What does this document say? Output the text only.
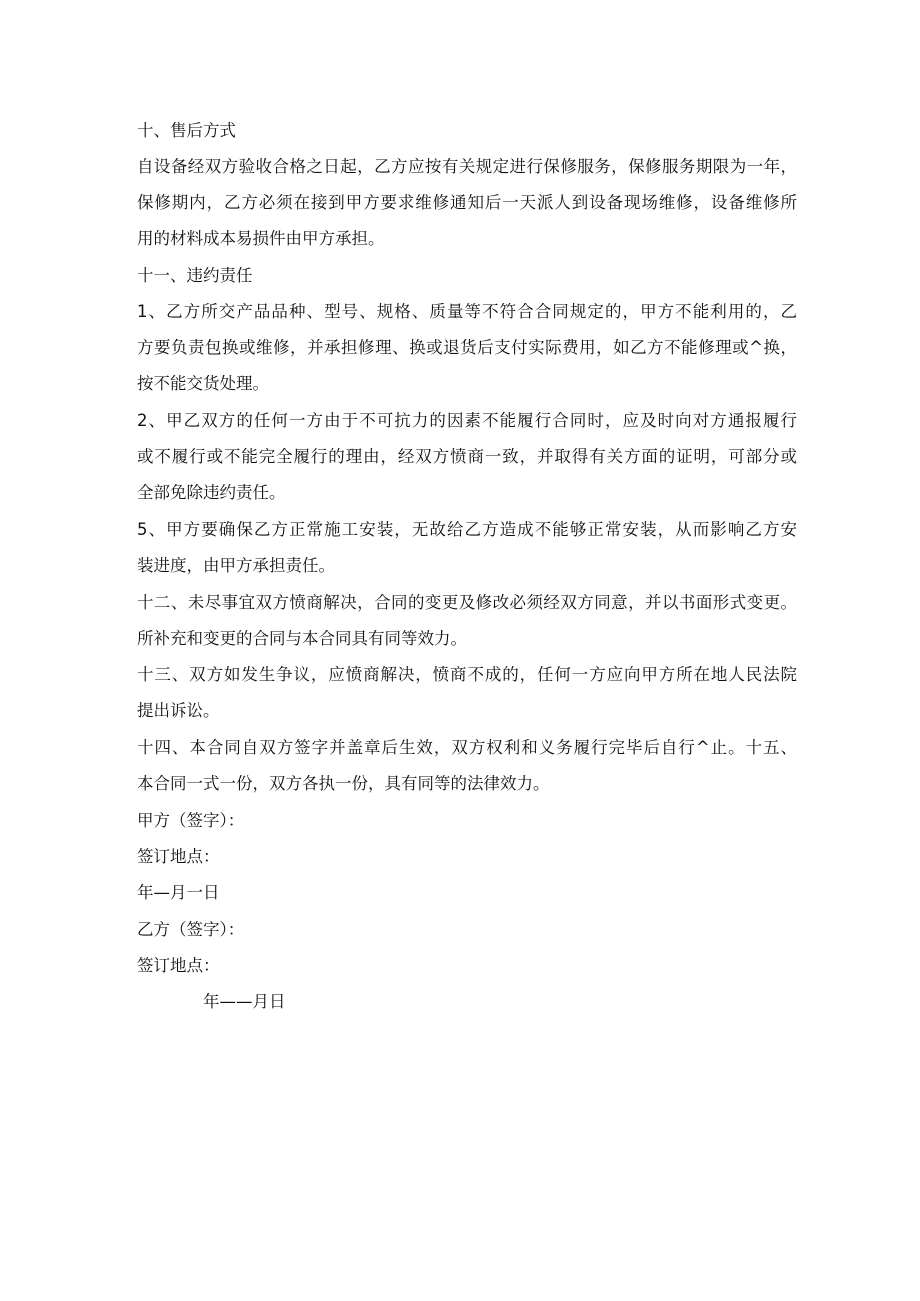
十、售后方式
自设备经双方验收合格之日起，乙方应按有关规定进行保修服务，保修服务期限为一年，
保修期内，乙方必须在接到甲方要求维修通知后一天派人到设备现场维修，设备维修所
用的材料成本易损件由甲方承担。
十一、违约责任
1、乙方所交产品品种、型号、规格、质量等不符合合同规定的，甲方不能利用的，乙
方要负责包换或维修，并承担修理、换或退货后支付实际费用，如乙方不能修理或^换，
按不能交货处理。
2、甲乙双方的任何一方由于不可抗力的因素不能履行合同时，应及时向对方通报履行
或不履行或不能完全履行的理由，经双方愤商一致，并取得有关方面的证明，可部分或
全部免除违约责任。
5、甲方要确保乙方正常施工安装，无故给乙方造成不能够正常安装，从而影响乙方安
装进度，由甲方承担责任。
十二、未尽事宜双方愤商解决，合同的变更及修改必须经双方同意，并以书面形式变更。
所补充和变更的合同与本合同具有同等效力。
十三、双方如发生争议，应愤商解决，愤商不成的，任何一方应向甲方所在地人民法院
提出诉讼。
十四、本合同自双方签字并盖章后生效，双方权利和义务履行完毕后自行^止。十五、
本合同一式一份，双方各执一份，具有同等的法律效力。
甲方（签字）：
签订地点：
年—月一日
乙方（签字）：
签订地点：
年——月日
